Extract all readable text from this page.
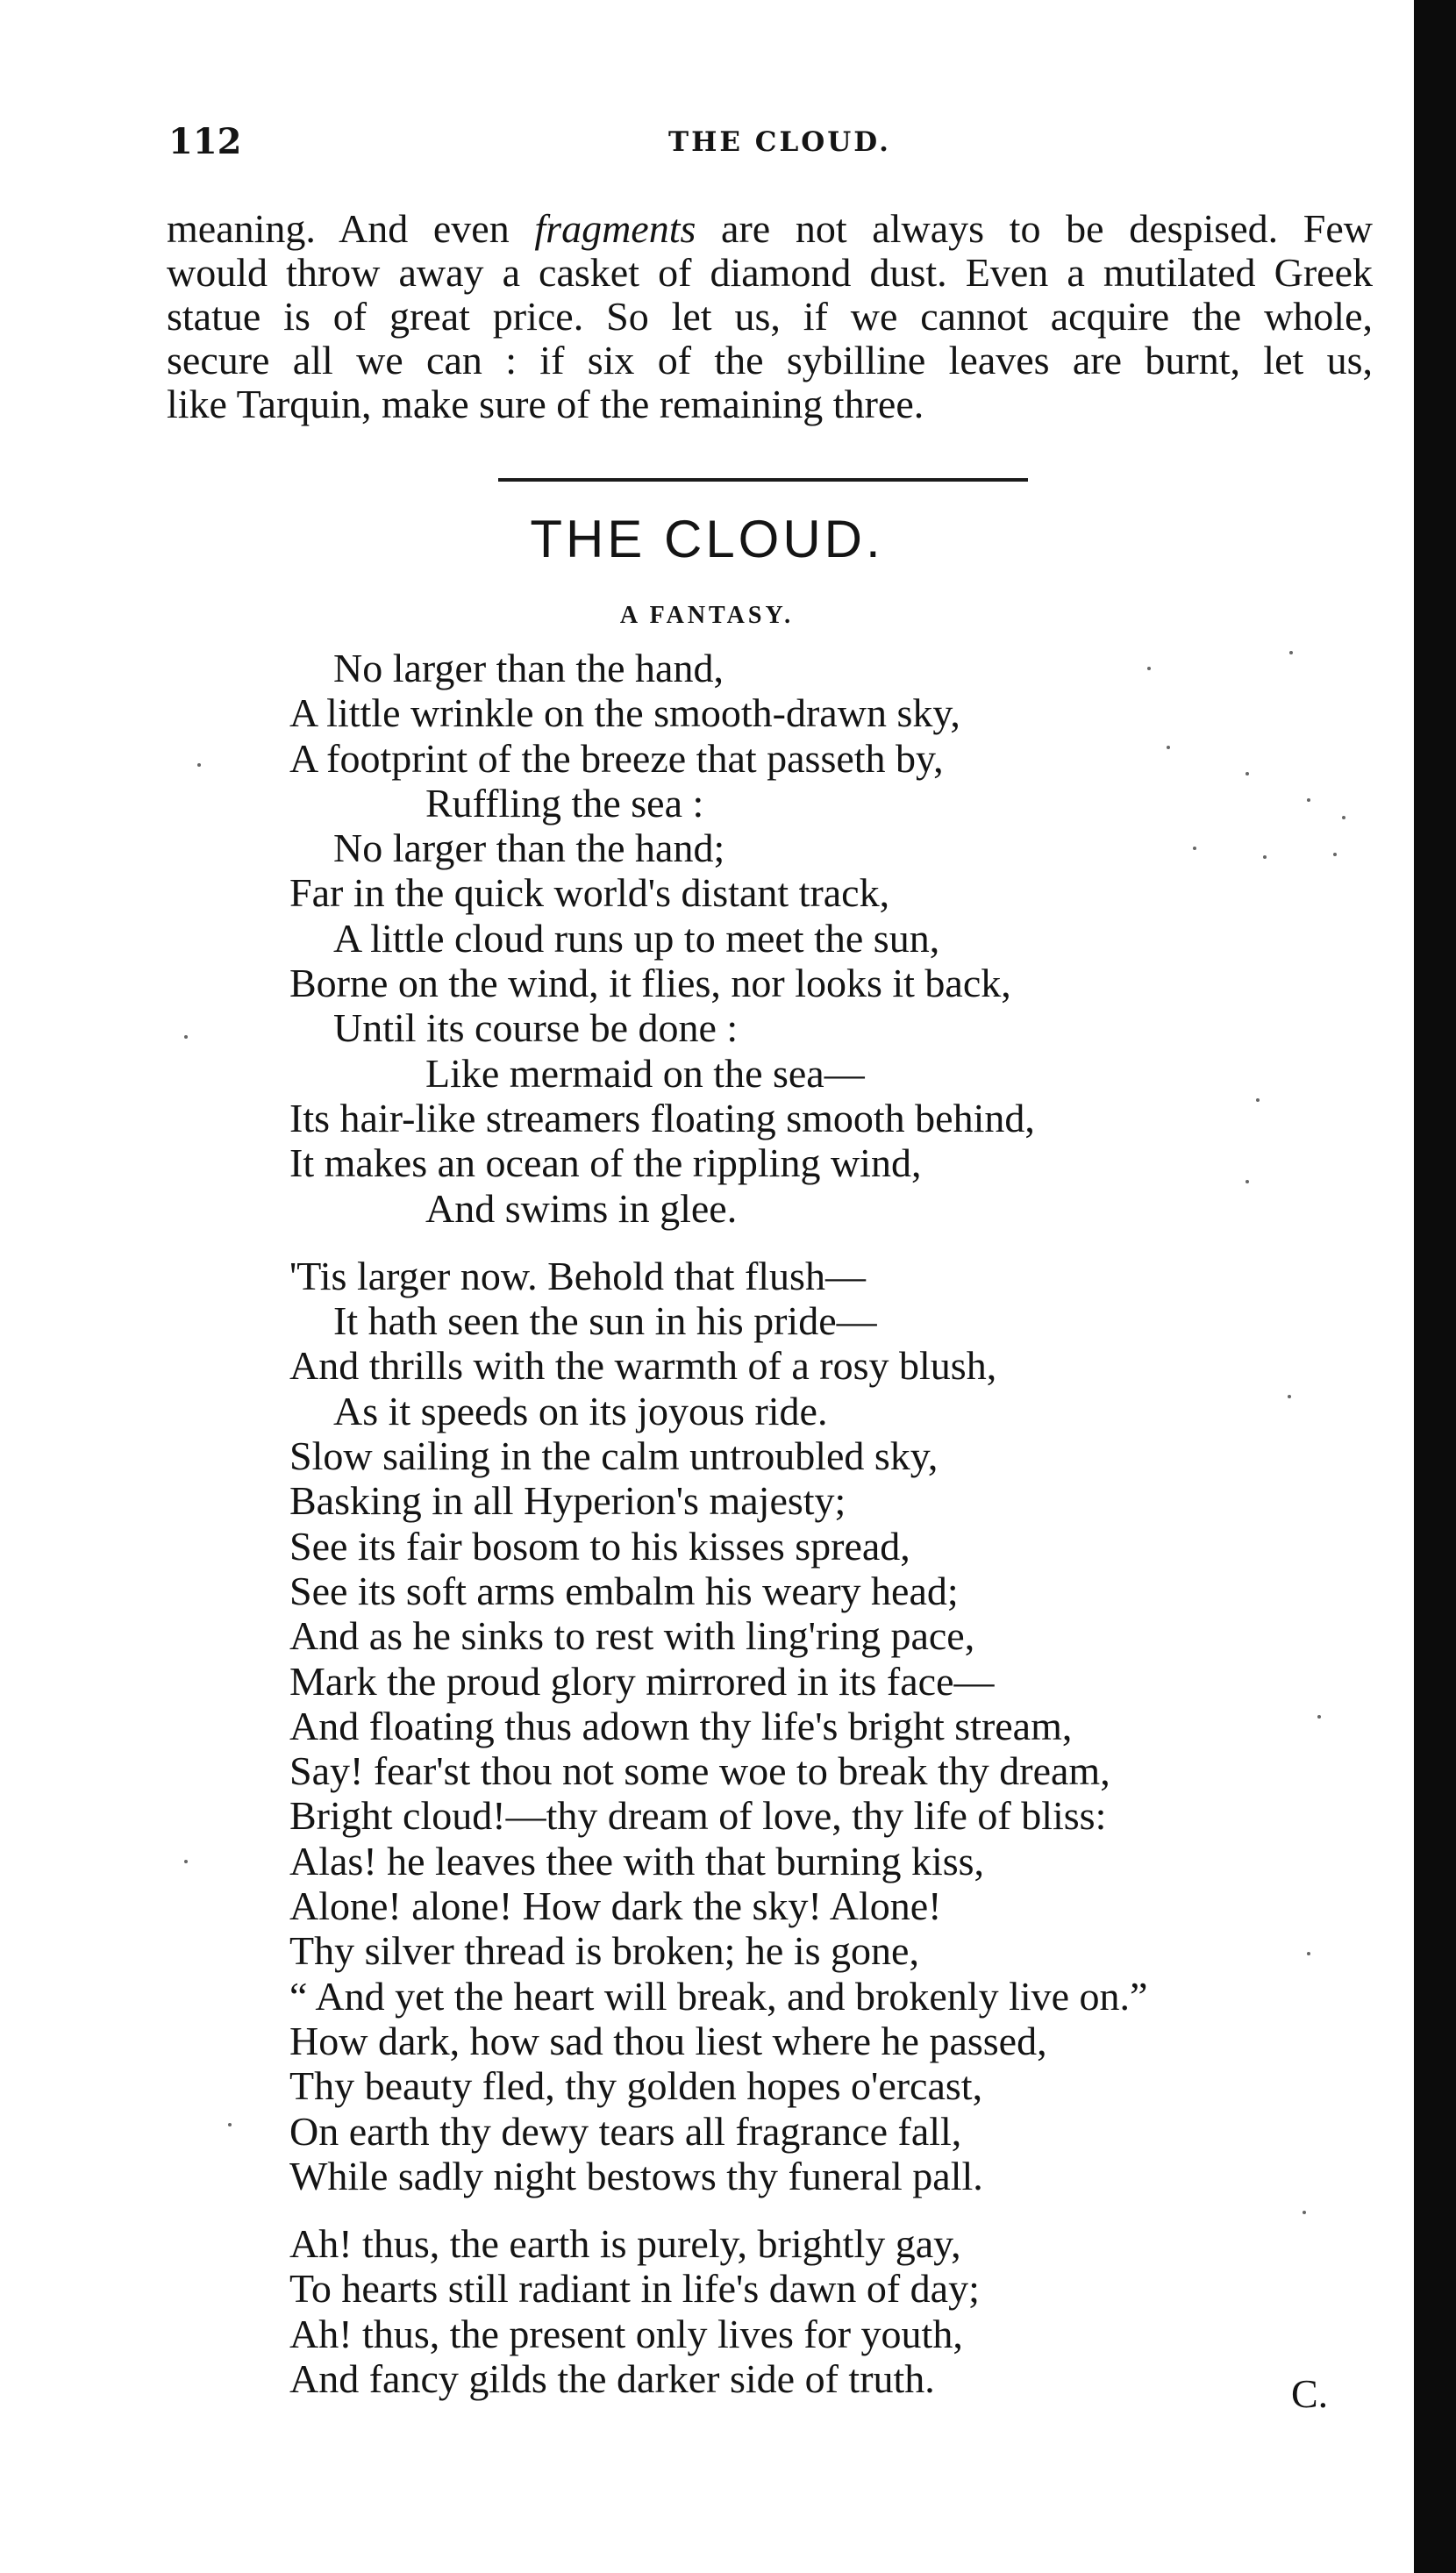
112	THE CLOUD.

meaning. And even fragments are not always to be despised. Few
would throw away a casket of diamond dust. Even a mutilated Greek
statue is of great price. So let us, if we cannot acquire the whole,
secure all we can : if six of the sybilline leaves are burnt, let us,
like Tarquin, make sure of the remaining three.

THE CLOUD.
A FANTASY.
No larger than the hand,
A little wrinkle on the smooth-drawn sky,
A footprint of the breeze that passeth by,
Ruffling the sea :
No larger than the hand;
Far in the quick world's distant track,
A little cloud runs up to meet the sun,
Borne on the wind, it flies, nor looks it back,
Until its course be done :
Like mermaid on the sea—
Its hair-like streamers floating smooth behind,
It makes an ocean of the rippling wind,
And swims in glee.
'Tis larger now. Behold that flush—
It hath seen the sun in his pride—
And thrills with the warmth of a rosy blush,
As it speeds on its joyous ride.
Slow sailing in the calm untroubled sky,
Basking in all Hyperion's majesty;
See its fair bosom to his kisses spread,
See its soft arms embalm his weary head;
And as he sinks to rest with ling'ring pace,
Mark the proud glory mirrored in its face—
And floating thus adown thy life's bright stream,
Say! fear'st thou not some woe to break thy dream,
Bright cloud!—thy dream of love, thy life of bliss:
Alas! he leaves thee with that burning kiss,
Alone! alone! How dark the sky! Alone!
Thy silver thread is broken; he is gone,
“ And yet the heart will break, and brokenly live on.”
How dark, how sad thou liest where he passed,
Thy beauty fled, thy golden hopes o'ercast,
On earth thy dewy tears all fragrance fall,
While sadly night bestows thy funeral pall.
Ah! thus, the earth is purely, brightly gay,
To hearts still radiant in life's dawn of day;
Ah! thus, the present only lives for youth,
And fancy gilds the darker side of truth.	C.
